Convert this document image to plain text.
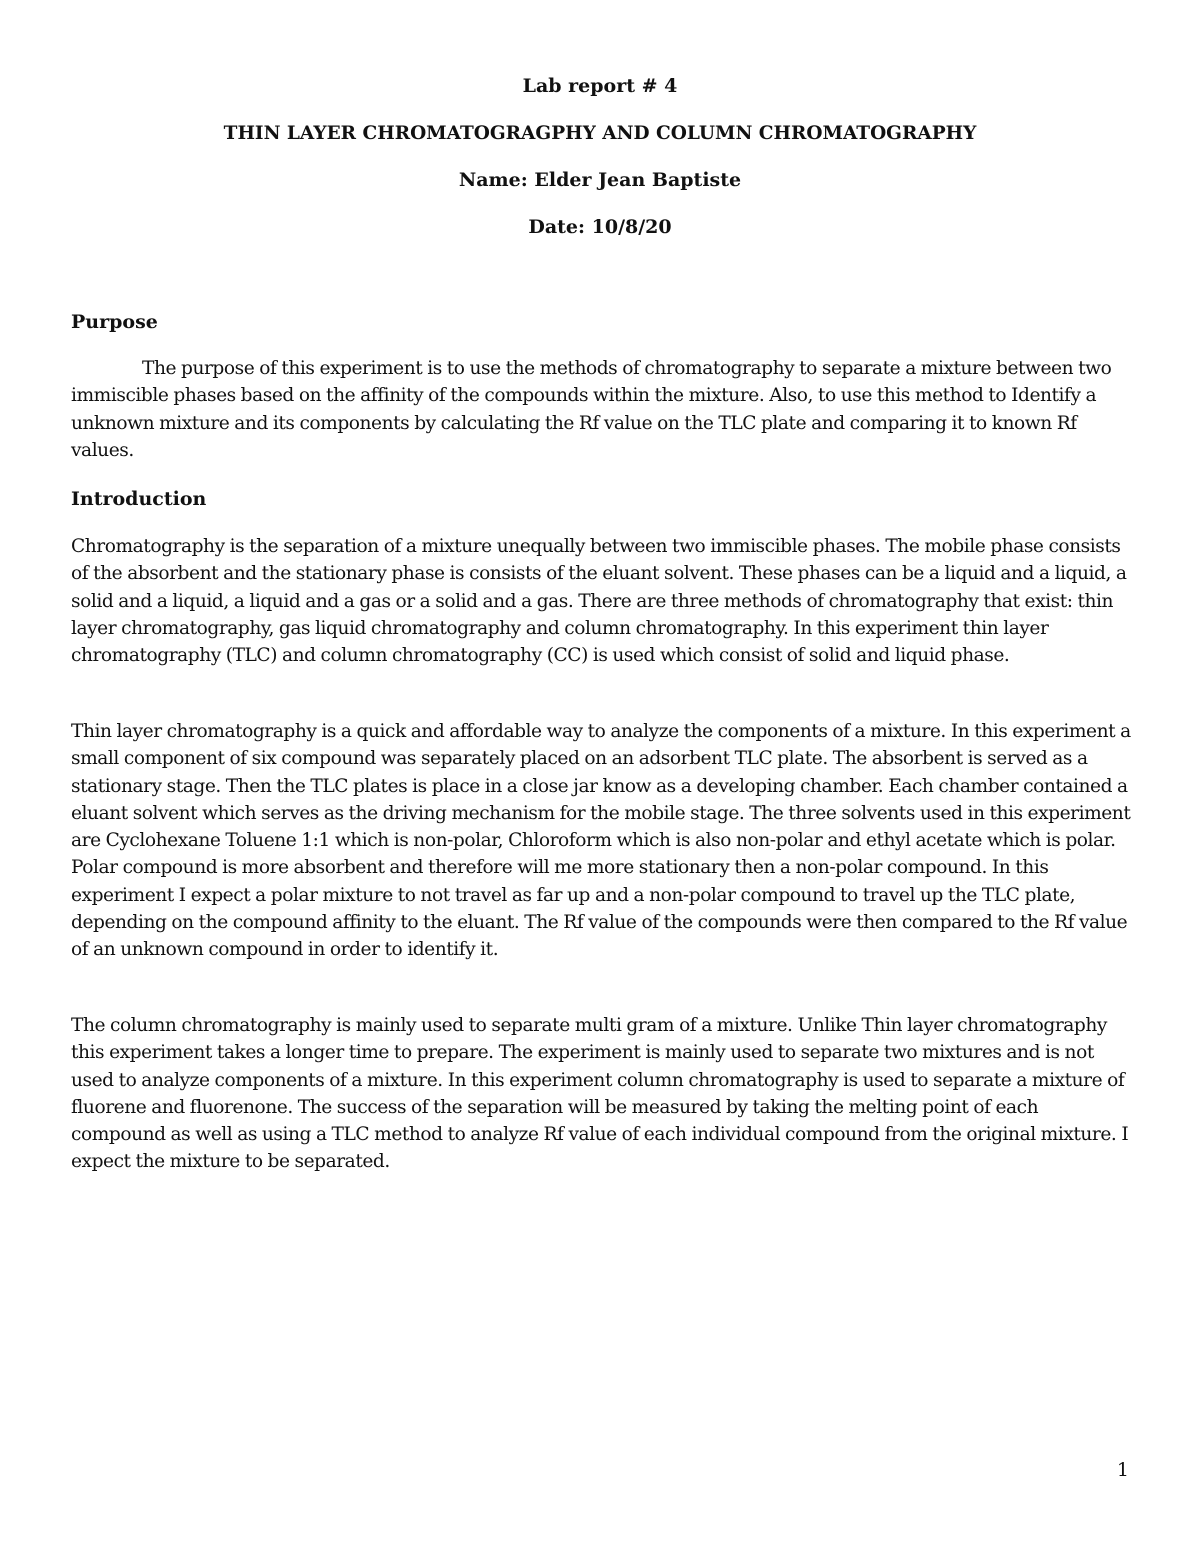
Lab report # 4
THIN LAYER CHROMATOGRAGPHY AND COLUMN CHROMATOGRAPHY
Name: Elder Jean Baptiste
Date: 10/8/20
Purpose

The purpose of this experiment is to use the methods of chromatography to separate a mixture between two immiscible phases based on the affinity of the compounds within the mixture. Also, to use this method to Identify a unknown mixture and its components by calculating the Rf value on the TLC plate and comparing it to known Rf values.

Introduction

Chromatography is the separation of a mixture unequally between two immiscible phases. The mobile phase consists of the absorbent and the stationary phase is consists of the eluant solvent. These phases can be a liquid and a liquid, a solid and a liquid, a liquid and a gas or a solid and a gas. There are three methods of chromatography that exist: thin layer chromatography, gas liquid chromatography and column chromatography. In this experiment thin layer chromatography (TLC) and column chromatography (CC) is used which consist of solid and liquid phase.

Thin layer chromatography is a quick and affordable way to analyze the components of a mixture. In this experiment a small component of six compound was separately placed on an adsorbent TLC plate. The absorbent is served as a stationary stage. Then the TLC plates is place in a close jar know as a developing chamber. Each chamber contained a eluant solvent which serves as the driving mechanism for the mobile stage. The three solvents used in this experiment are Cyclohexane Toluene 1:1 which is non-polar, Chloroform which is also non-polar and ethyl acetate which is polar. Polar compound is more absorbent and therefore will me more stationary then a non-polar compound. In this experiment I expect a polar mixture to not travel as far up and a non-polar compound to travel up the TLC plate, depending on the compound affinity to the eluant. The Rf value of the compounds were then compared to the Rf value of an unknown compound in order to identify it.

The column chromatography is mainly used to separate multi gram of a mixture. Unlike Thin layer chromatography this experiment takes a longer time to prepare. The experiment is mainly used to separate two mixtures and is not used to analyze components of a mixture. In this experiment column chromatography is used to separate a mixture of fluorene and fluorenone. The success of the separation will be measured by taking the melting point of each compound as well as using a TLC method to analyze Rf value of each individual compound from the original mixture. I expect the mixture to be separated.

1
